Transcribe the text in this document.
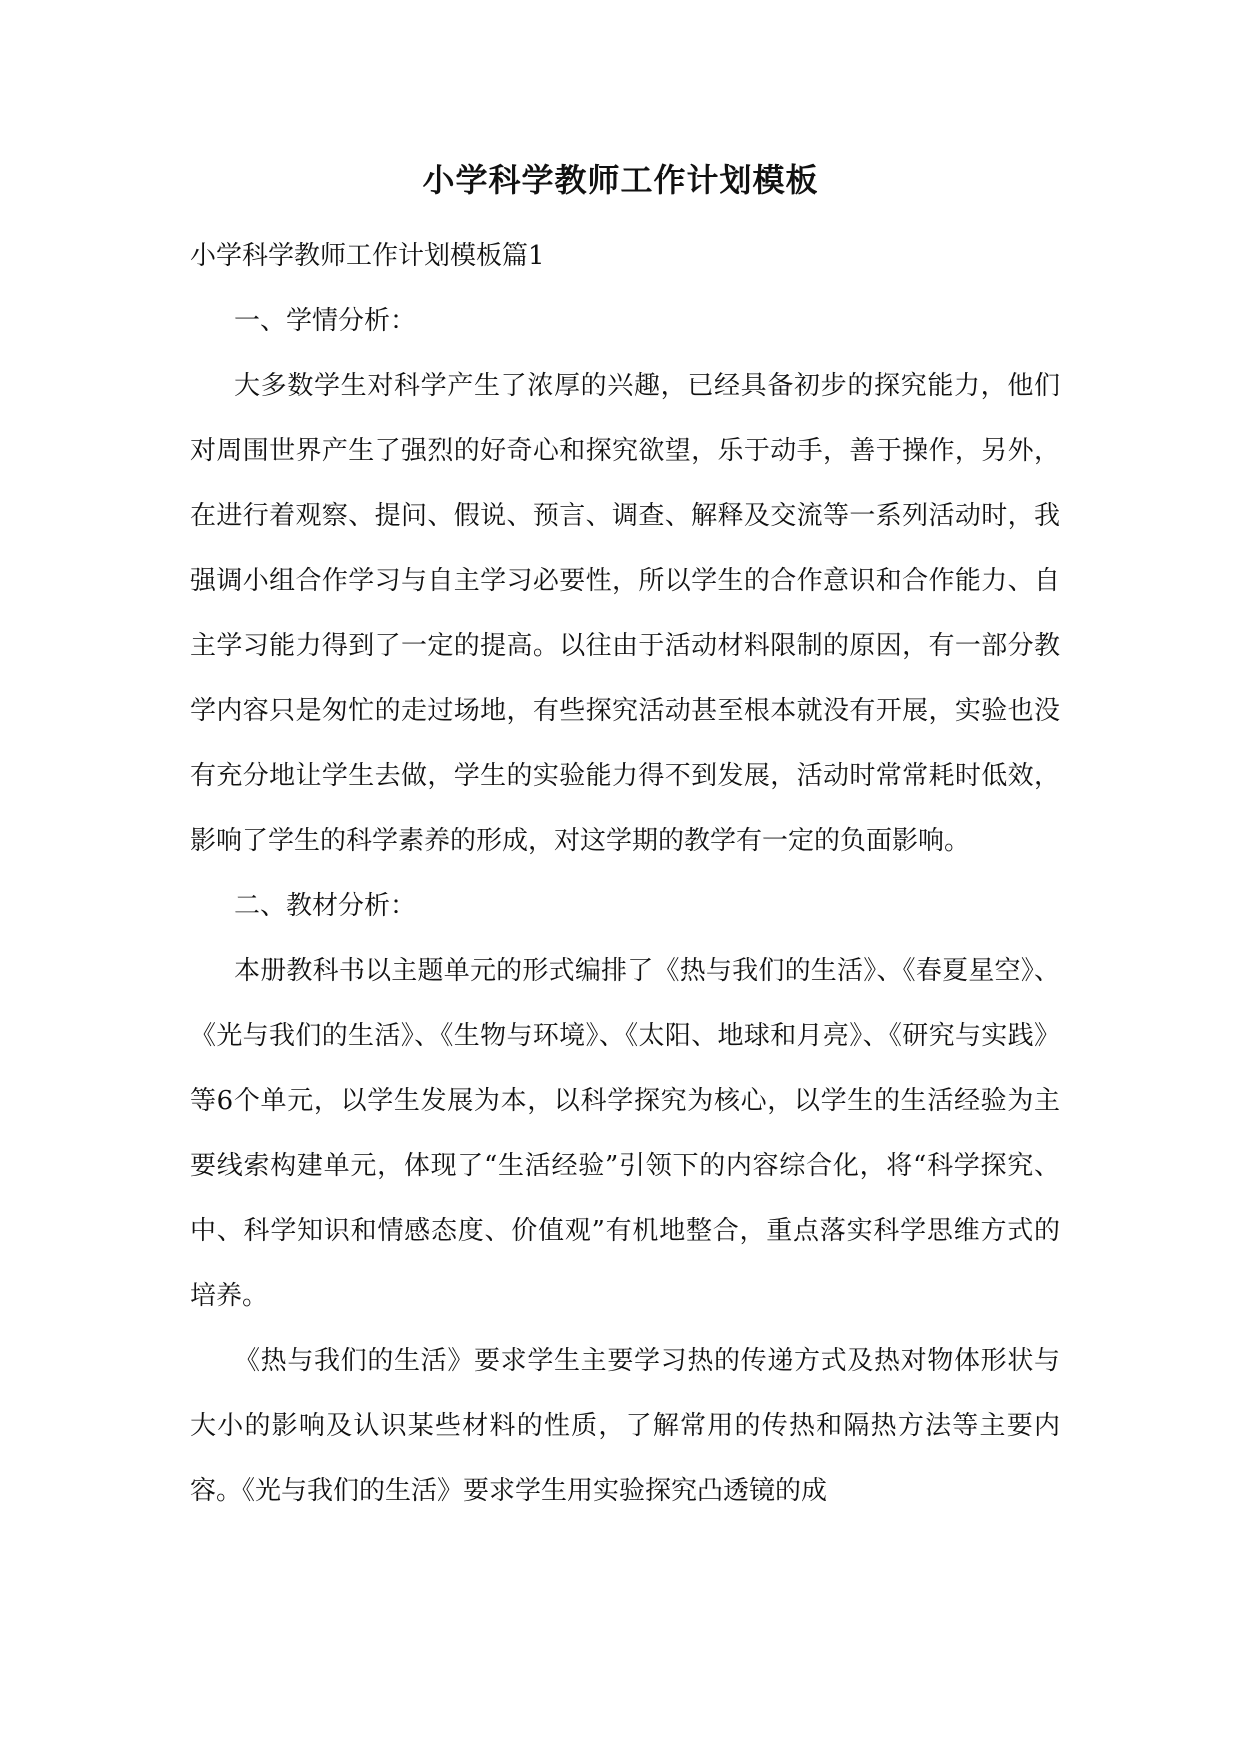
小学科学教师工作计划模板

小学科学教师工作计划模板篇1

一、学情分析：

大多数学生对科学产生了浓厚的兴趣，已经具备初步的探究能力，他们对周围世界产生了强烈的好奇心和探究欲望，乐于动手，善于操作，另外，在进行着观察、提问、假说、预言、调查、解释及交流等一系列活动时，我强调小组合作学习与自主学习必要性，所以学生的合作意识和合作能力、自主学习能力得到了一定的提高。以往由于活动材料限制的原因，有一部分教学内容只是匆忙的走过场地，有些探究活动甚至根本就没有开展，实验也没有充分地让学生去做，学生的实验能力得不到发展，活动时常常耗时低效，影响了学生的科学素养的形成，对这学期的教学有一定的负面影响。

二、教材分析：

本册教科书以主题单元的形式编排了《热与我们的生活》、《春夏星空》、《光与我们的生活》、《生物与环境》、《太阳、地球和月亮》、《研究与实践》等6个单元，以学生发展为本，以科学探究为核心，以学生的生活经验为主要线索构建单元，体现了“生活经验”引领下的内容综合化，将“科学探究、中、科学知识和情感态度、价值观”有机地整合，重点落实科学思维方式的培养。

《热与我们的生活》要求学生主要学习热的传递方式及热对物体形状与大小的影响及认识某些材料的性质，了解常用的传热和隔热方法等主要内容。《光与我们的生活》要求学生用实验探究凸透镜的成
